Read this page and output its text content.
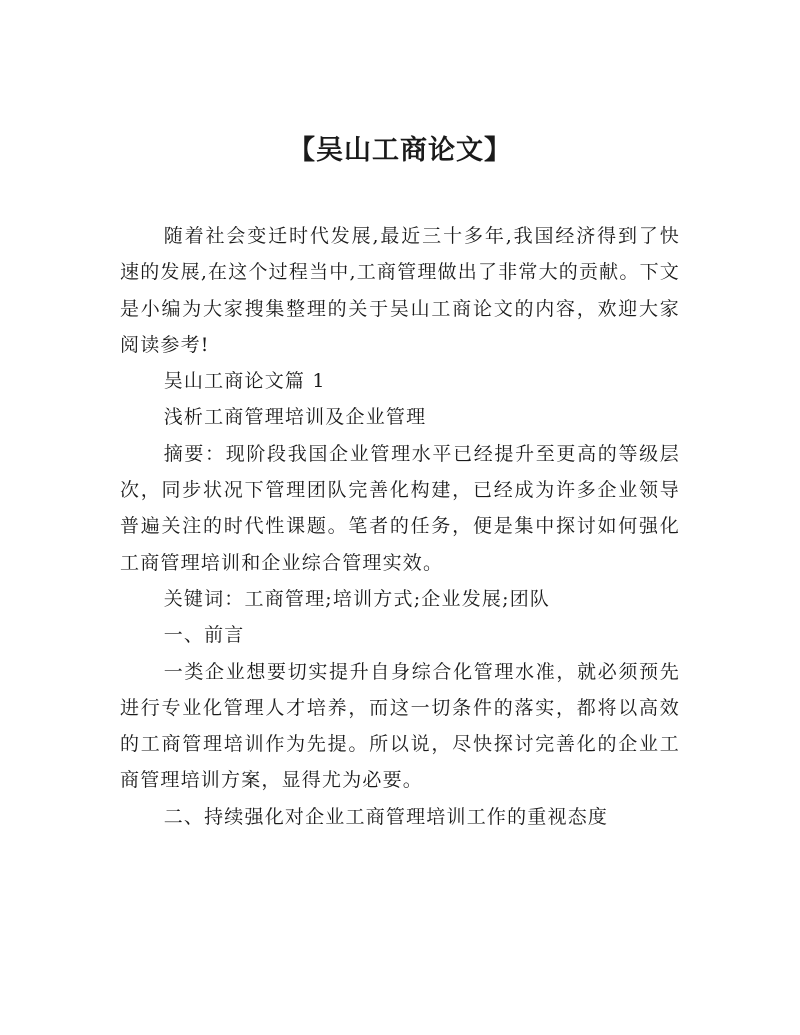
【吴山工商论文】

随着社会变迁时代发展,最近三十多年,我国经济得到了快速的发展,在这个过程当中,工商管理做出了非常大的贡献。下文是小编为大家搜集整理的关于吴山工商论文的内容，欢迎大家阅读参考!

吴山工商论文篇 1

浅析工商管理培训及企业管理

摘要：现阶段我国企业管理水平已经提升至更高的等级层次，同步状况下管理团队完善化构建，已经成为许多企业领导普遍关注的时代性课题。笔者的任务，便是集中探讨如何强化工商管理培训和企业综合管理实效。

关键词：工商管理;培训方式;企业发展;团队

一、前言

一类企业想要切实提升自身综合化管理水准，就必须预先进行专业化管理人才培养，而这一切条件的落实，都将以高效的工商管理培训作为先提。所以说，尽快探讨完善化的企业工商管理培训方案，显得尤为必要。

二、持续强化对企业工商管理培训工作的重视态度
